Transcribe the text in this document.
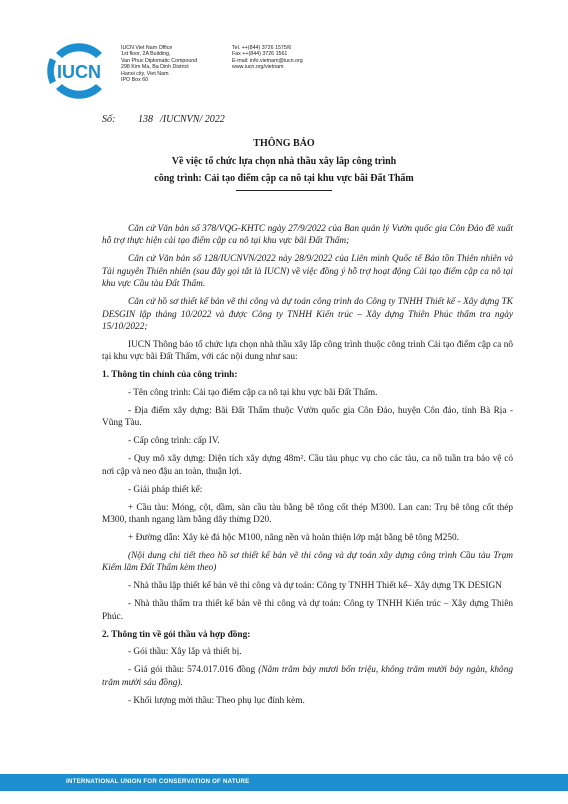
IUCN
IUCN Viet Nam Office
1st floor, 2A Building,
Van Phuc Diplomatic Compound
298 Kim Ma, Ba Dinh District
Hanoi city, Viet Nam
IPO Box 60
Tel. ++(844) 3726 1575/6
Fax ++(844) 3726 1561
E-mail: info.vietnam@iucn.org
www.iucn.org/vietnam
Số: 138 /IUCNVN/ 2022
THÔNG BÁO
Về việc tổ chức lựa chọn nhà thầu xây lắp công trình
công trình: Cải tạo điểm cập ca nô tại khu vực bãi Đất Thấm

Căn cứ Văn bản số 378/VQG-KHTC ngày 27/9/2022 của Ban quản lý Vườn quốc gia Côn Đảo đề xuất hỗ trợ thực hiện cải tạo điểm cập ca nô tại khu vực bãi Đất Thấm;

Căn cứ Văn bản số 128/IUCNVN/2022 này 28/9/2022 của Liên minh Quốc tế Bảo tồn Thiên nhiên và Tài nguyên Thiên nhiên (sau đây gọi tắt là IUCN) về việc đồng ý hỗ trợ hoạt động Cải tạo điểm cập ca nô tại khu vực Cầu tàu Đất Thấm.

Căn cứ hồ sơ thiết kế bản vẽ thi công và dự toán công trình do Công ty TNHH Thiết kế - Xây dựng TK DESGIN lập tháng 10/2022 và được Công ty TNHH Kiến trúc – Xây dựng Thiên Phúc thẩm tra ngày 15/10/2022;

IUCN Thông báo tổ chức lựa chọn nhà thầu xây lắp công trình thuộc công trình Cải tạo điểm cập ca nô tại khu vực bãi Đất Thấm, với các nội dung như sau:

1. Thông tin chính của công trình:

- Tên công trình: Cải tạo điểm cập ca nô tại khu vực bãi Đất Thấm.

- Địa điểm xây dựng: Bãi Đất Thấm thuộc Vườn quốc gia Côn Đảo, huyện Côn đảo, tỉnh Bà Rịa - Vũng Tàu.

- Cấp công trình: cấp IV.

- Quy mô xây dựng: Diện tích xây dựng 48m². Cầu tàu phục vụ cho các tàu, ca nô tuần tra bảo vệ có nơi cập và neo đậu an toàn, thuận lợi.

- Giải pháp thiết kế:

+ Cầu tàu: Móng, cột, dầm, sàn cầu tàu bằng bê tông cốt thép M300. Lan can: Trụ bê tông cốt thép M300, thanh ngang làm bằng dây thừng D20.

+ Đường dẫn: Xây kè đá hộc M100, nâng nền và hoàn thiện lớp mặt bằng bê tông M250.

(Nội dung chi tiết theo hồ sơ thiết kế bản vẽ thi công và dự toán xây dựng công trình Cầu tàu Trạm Kiểm lâm Đất Thấm kèm theo)

- Nhà thầu lập thiết kế bản vẽ thi công và dự toán: Công ty TNHH Thiết kế– Xây dựng TK DESIGN

- Nhà thầu thẩm tra thiết kế bản vẽ thi công và dự toán: Công ty TNHH Kiến trúc – Xây dựng Thiên Phúc.

2. Thông tin về gói thầu và hợp đồng:

- Gói thầu: Xây lắp và thiết bị.

- Giá gói thầu: 574.017.016 đồng (Năm trăm bảy mươi bốn triệu, không trăm mười bảy ngàn, không trăm mười sáu đồng).

- Khối lượng mời thầu: Theo phụ lục đính kèm.

INTERNATIONAL UNION FOR CONSERVATION OF NATURE
